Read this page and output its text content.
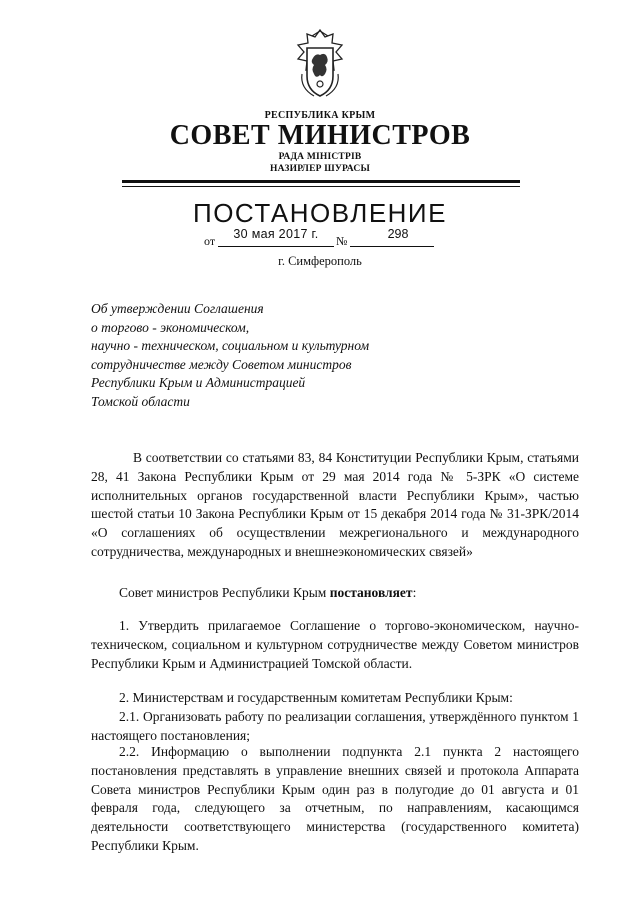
РЕСПУБЛИКА КРЫМ
СОВЕТ МИНИСТРОВ
РАДА МІНІСТРІВ
НАЗИРЛЕР ШУРАСЫ
ПОСТАНОВЛЕНИЕ
от	30 мая 2017 г.	№	298
г. Симферополь
Об утверждении Соглашения
о торгово - экономическом,
научно - техническом, социальном и культурном
сотрудничестве между Советом министров
Республики Крым и Администрацией
Томской области
В соответствии со статьями 83, 84 Конституции Республики Крым, статьями 28, 41 Закона Республики Крым от 29 мая 2014 года № 5-ЗРК «О системе исполнительных органов государственной власти Республики Крым», частью шестой статьи 10 Закона Республики Крым от 15 декабря 2014 года № 31-ЗРК/2014 «О соглашениях об осуществлении межрегионального и международного сотрудничества, международных и внешнеэкономических связей»
Совет министров Республики Крым постановляет:
1. Утвердить прилагаемое Соглашение о торгово-экономическом, научно-техническом, социальном и культурном сотрудничестве между Советом министров Республики Крым и Администрацией Томской области.
2. Министерствам и государственным комитетам Республики Крым:
2.1. Организовать работу по реализации соглашения, утверждённого пунктом 1 настоящего постановления;
2.2. Информацию о выполнении подпункта 2.1 пункта 2 настоящего постановления представлять в управление внешних связей и протокола Аппарата Совета министров Республики Крым один раз в полугодие до 01 августа и 01 февраля года, следующего за отчетным, по направлениям, касающимся деятельности соответствующего министерства (государственного комитета) Республики Крым.
